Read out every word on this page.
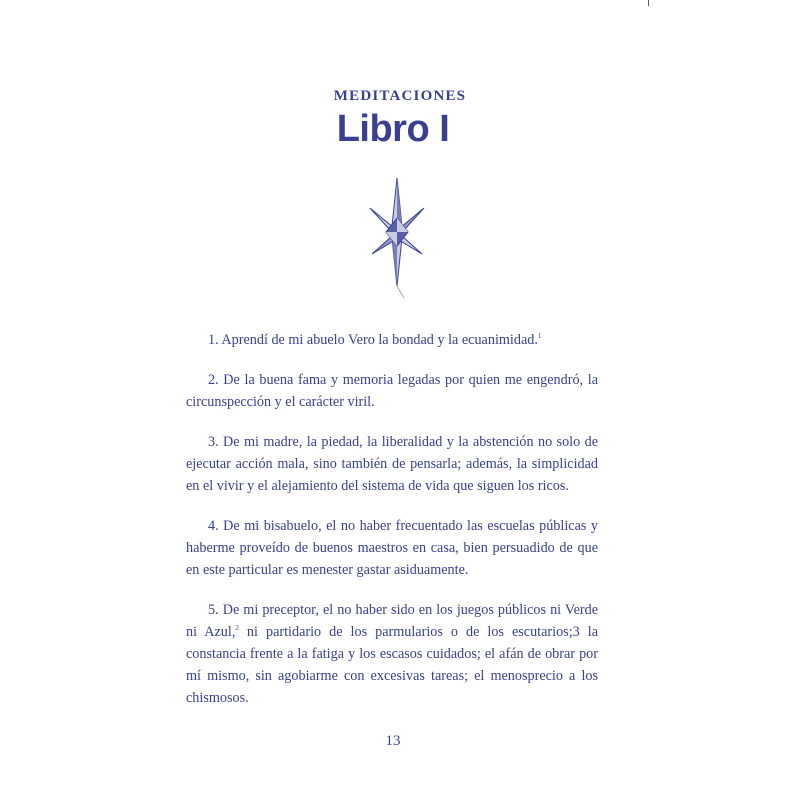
MEDITACIONES
Libro I

1. Aprendí de mi abuelo Vero la bondad y la ecuanimidad.$^1$

2. De la buena fama y memoria legadas por quien me engendró, la circunspección y el carácter viril.

3. De mi madre, la piedad, la liberalidad y la abstención no solo de ejecutar acción mala, sino también de pensarla; además, la simplicidad en el vivir y el alejamiento del sistema de vida que siguen los ricos.

4. De mi bisabuelo, el no haber frecuentado las escuelas públicas y haberme proveído de buenos maestros en casa, bien persuadido de que en este particular es menester gastar asiduamente.

5. De mi preceptor, el no haber sido en los juegos públicos ni Verde ni Azul,$^2$ ni partidario de los parmularios o de los escutarios;3 la constancia frente a la fatiga y los escasos cuidados; el afán de obrar por mí mismo, sin agobiarme con excesivas tareas; el menosprecio a los chismosos.

13
